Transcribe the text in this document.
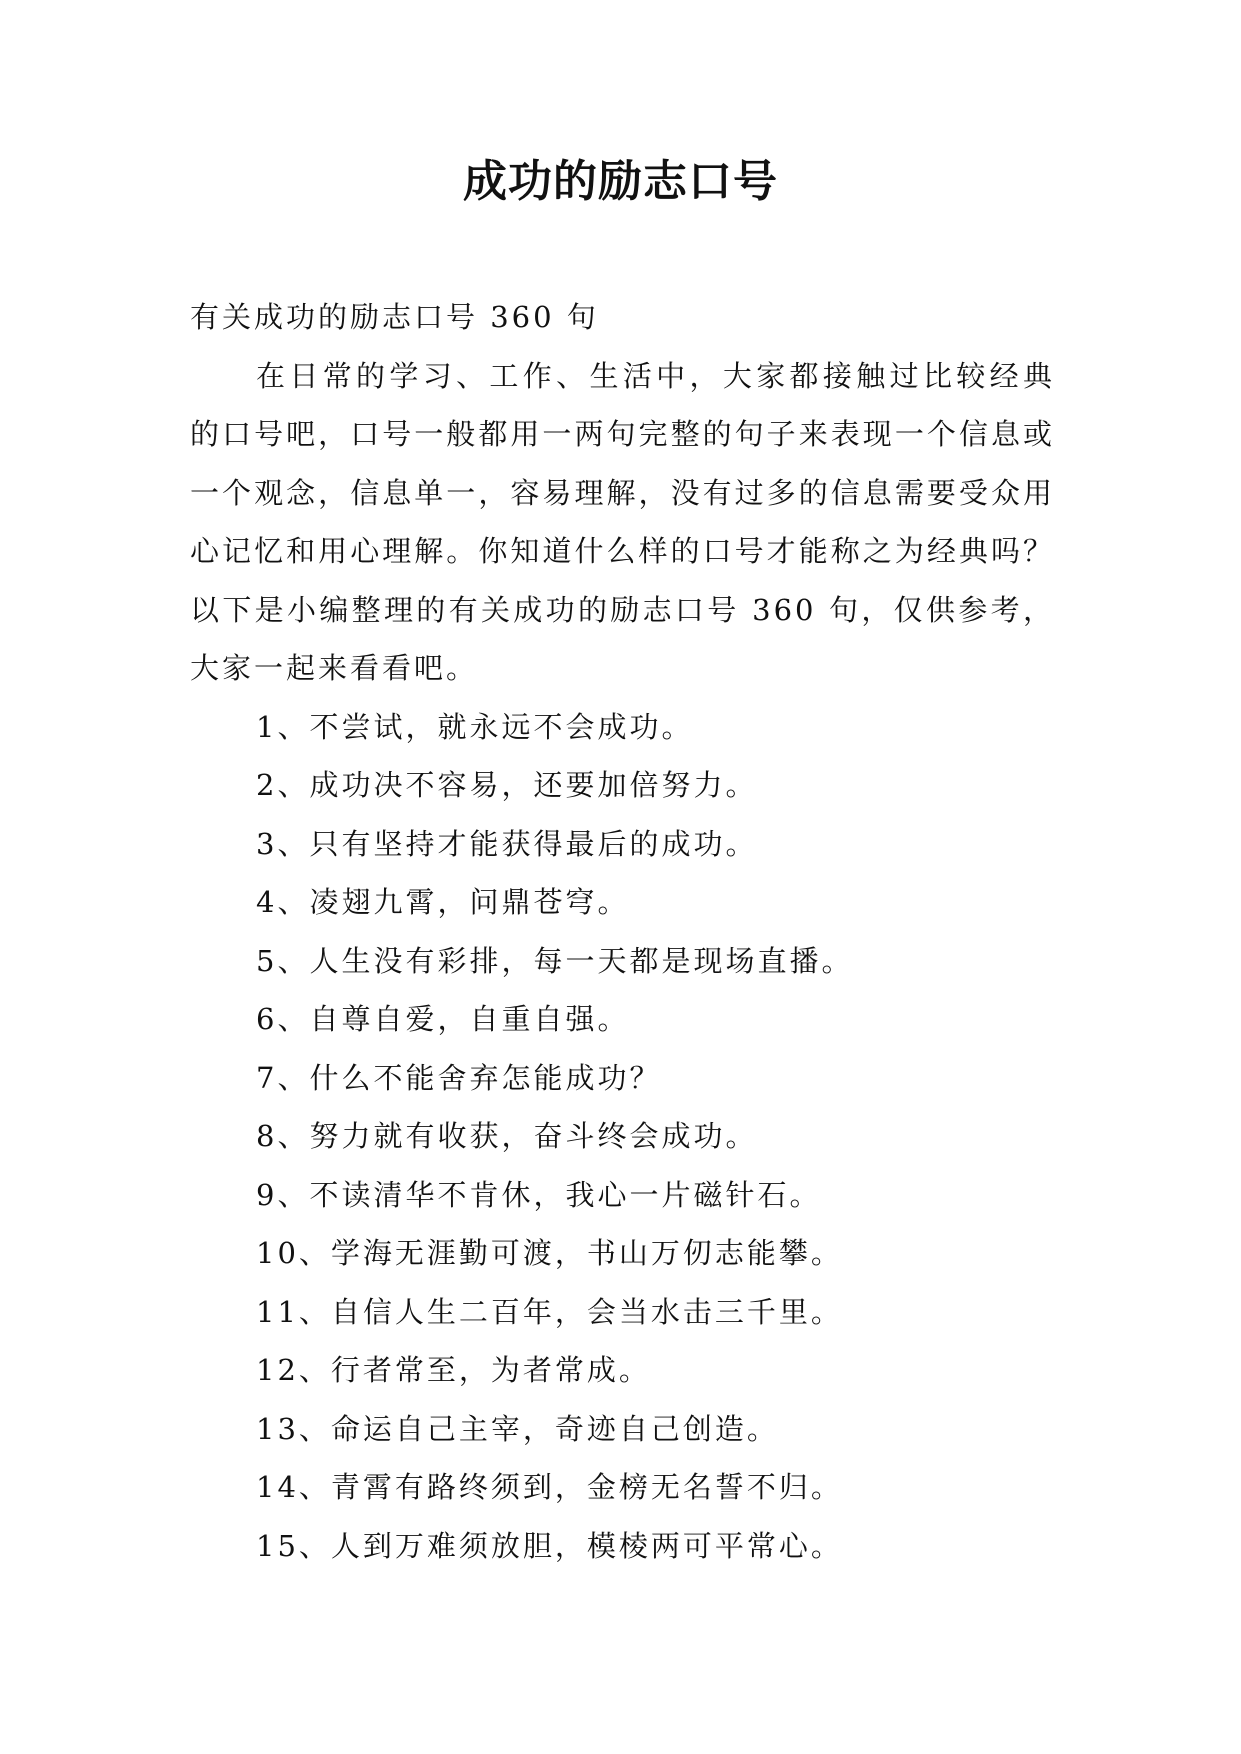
成功的励志口号

有关成功的励志口号 360 句

在日常的学习、工作、生活中，大家都接触过比较经典的口号吧，口号一般都用一两句完整的句子来表现一个信息或一个观念，信息单一，容易理解，没有过多的信息需要受众用心记忆和用心理解。你知道什么样的口号才能称之为经典吗？以下是小编整理的有关成功的励志口号 360 句，仅供参考，大家一起来看看吧。

1、不尝试，就永远不会成功。
2、成功决不容易，还要加倍努力。
3、只有坚持才能获得最后的成功。
4、凌翅九霄，问鼎苍穹。
5、人生没有彩排，每一天都是现场直播。
6、自尊自爱，自重自强。
7、什么不能舍弃怎能成功？
8、努力就有收获，奋斗终会成功。
9、不读清华不肯休，我心一片磁针石。
10、学海无涯勤可渡，书山万仞志能攀。
11、自信人生二百年，会当水击三千里。
12、行者常至，为者常成。
13、命运自己主宰，奇迹自己创造。
14、青霄有路终须到，金榜无名誓不归。
15、人到万难须放胆，模棱两可平常心。
